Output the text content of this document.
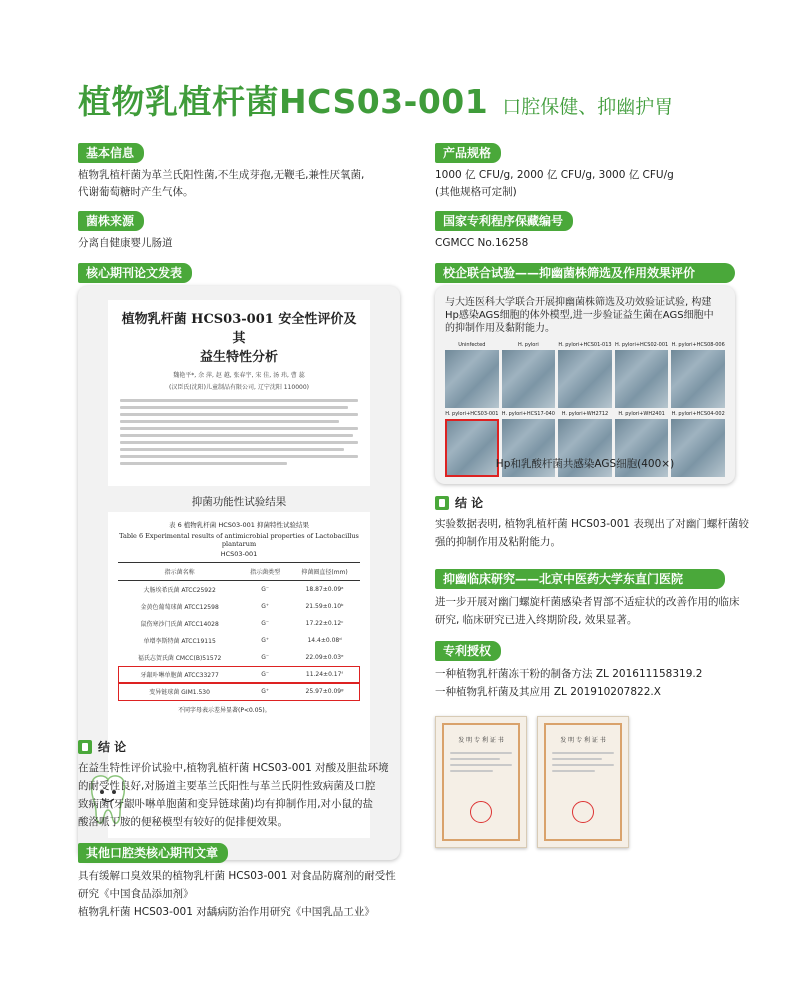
植物乳植杆菌HCS03-001 口腔保健、抑幽护胃
基本信息

植物乳植杆菌为革兰氏阳性菌,不生成芽孢,无鞭毛,兼性厌氧菌,

代谢葡萄糖时产生气体。

菌株来源

分离自健康婴儿肠道

核心期刊论文发表
植物乳杆菌 HCS03-001 安全性评价及其
益生特性分析
魏艳平*, 余 萍, 赵 越, 张春宇, 宋 佳, 汤 玮, 曹 蕊
(汉臣氏(沈阳)儿童制品有限公司, 辽宁沈阳 110000)
抑菌功能性试验结果
表 6 植物乳杆菌 HCS03-001 抑菌特性试验结果
Table 6 Experimental results of antimicrobial properties of Lactobacillus plantarum
HCS03-001
指示菌名称	指示菌类型	抑菌圈直径(mm)
大肠埃希氏菌 ATCC25922	G⁻	18.87±0.09ᵃ
金黄色葡萄球菌 ATCC12598	G⁺	21.59±0.10ᵇ
鼠伤寒沙门氏菌 ATCC14028	G⁻	17.22±0.12ᶜ
单增李斯特菌 ATCC19115	G⁺	14.4±0.08ᵈ
福氏志贺氏菌 CMCC(B)51572	G⁻	22.09±0.03ᵉ
牙龈卟啉单胞菌 ATCC33277	G⁻	11.24±0.17ᶠ
变异链球菌 GIM1.530	G⁺	25.97±0.09ᵍ
不同字母表示差异显著(P<0.05)。
结 论

在益生特性评价试验中,植物乳植杆菌 HCS03-001 对酸及胆盐环境

的耐受性良好,对肠道主要革兰氏阳性与革兰氏阴性致病菌及口腔

致病菌(牙龈卟啉单胞菌和变异链球菌)均有抑制作用,对小鼠的盐

酸洛哌丁胺的便秘模型有较好的促排便效果。

其他口腔类核心期刊文章

具有缓解口臭效果的植物乳杆菌 HCS03-001 对食品防腐剂的耐受性

研究《中国食品添加剂》

植物乳杆菌 HCS03-001 对龋病防治作用研究《中国乳品工业》

产品规格

1000 亿 CFU/g, 2000 亿 CFU/g, 3000 亿 CFU/g

(其他规格可定制)

国家专利程序保藏编号

CGMCC No.16258

校企联合试验——抑幽菌株筛选及作用效果评价

与大连医科大学联合开展抑幽菌株筛选及功效验证试验, 构建

Hp感染AGS细胞的体外模型,进一步验证益生菌在AGS细胞中

的抑制作用及黏附能力。

Uninfected	H. pylori	H. pylori+HCS01-013 H. pylori+HCS02-001 H. pylori+HCS08-006
H. pylori+HCS03-001 H. pylori+HCS17-040	H. pylori+WH2712	H. pylori+WH2401	H. pylori+HCS04-002
Hp和乳酸杆菌共感染AGS细胞(400×)
结 论

实验数据表明, 植物乳植杆菌 HCS03-001 表现出了对幽门螺杆菌较

强的抑制作用及粘附能力。

抑幽临床研究——北京中医药大学东直门医院

进一步开展对幽门螺旋杆菌感染者胃部不适症状的改善作用的临床

研究, 临床研究已进入终期阶段, 效果显著。

专利授权

一种植物乳杆菌冻干粉的制备方法 ZL 201611158319.2

一种植物乳杆菌及其应用 ZL 201910207822.X

发 明 专 利 证 书	发 明 专 利 证 书
